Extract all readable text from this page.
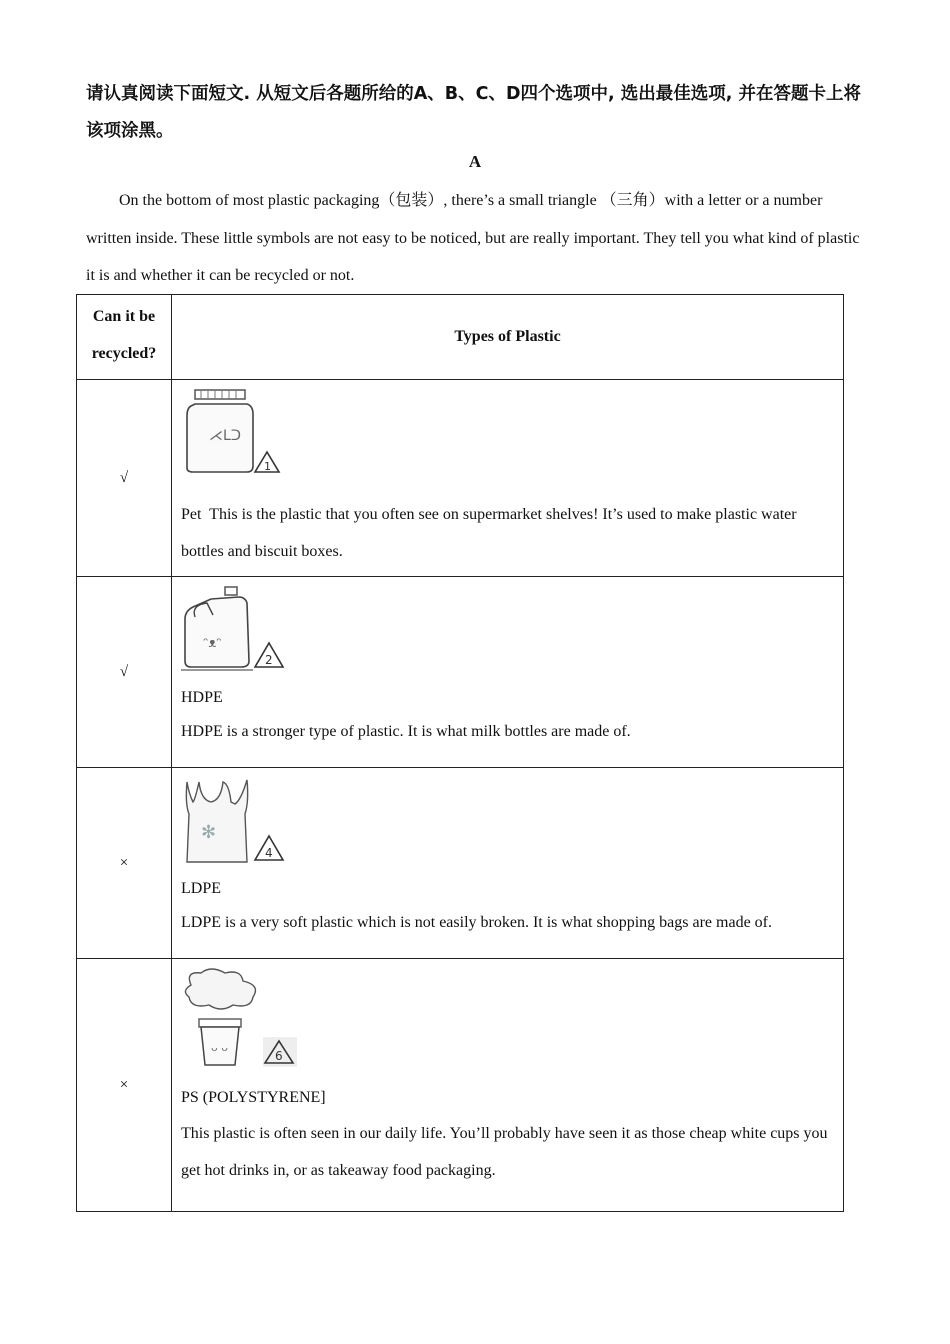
请认真阅读下面短文. 从短文后各题所给的A、B、C、D四个选项中, 选出最佳选项, 并在答题卡上将该项涂黑。
A
On the bottom of most plastic packaging（包装）, there’s a small triangle （三角）with a letter or a number written inside. These little symbols are not easy to be noticed, but are really important. They tell you what kind of plastic it is and whether it can be recycled or not.
Can it be recycled?	Types of Plastic
√	⋌ᒪᑐ
1
Pet This is the plastic that you often see on supermarket shelves! It’s used to make plastic water bottles and biscuit boxes.

√	ᵔᴥᵔ
2
HDPE
HDPE is a stronger type of plastic. It is what milk bottles are made of.

×	✻
4
LDPE
LDPE is a very soft plastic which is not easily broken. It is what shopping bags are made of.

×	ᴗ ᴗ
6
PS (POLYSTYRENE]
This plastic is often seen in our daily life. You’ll probably have seen it as those cheap white cups you get hot drinks in, or as takeaway food packaging.
